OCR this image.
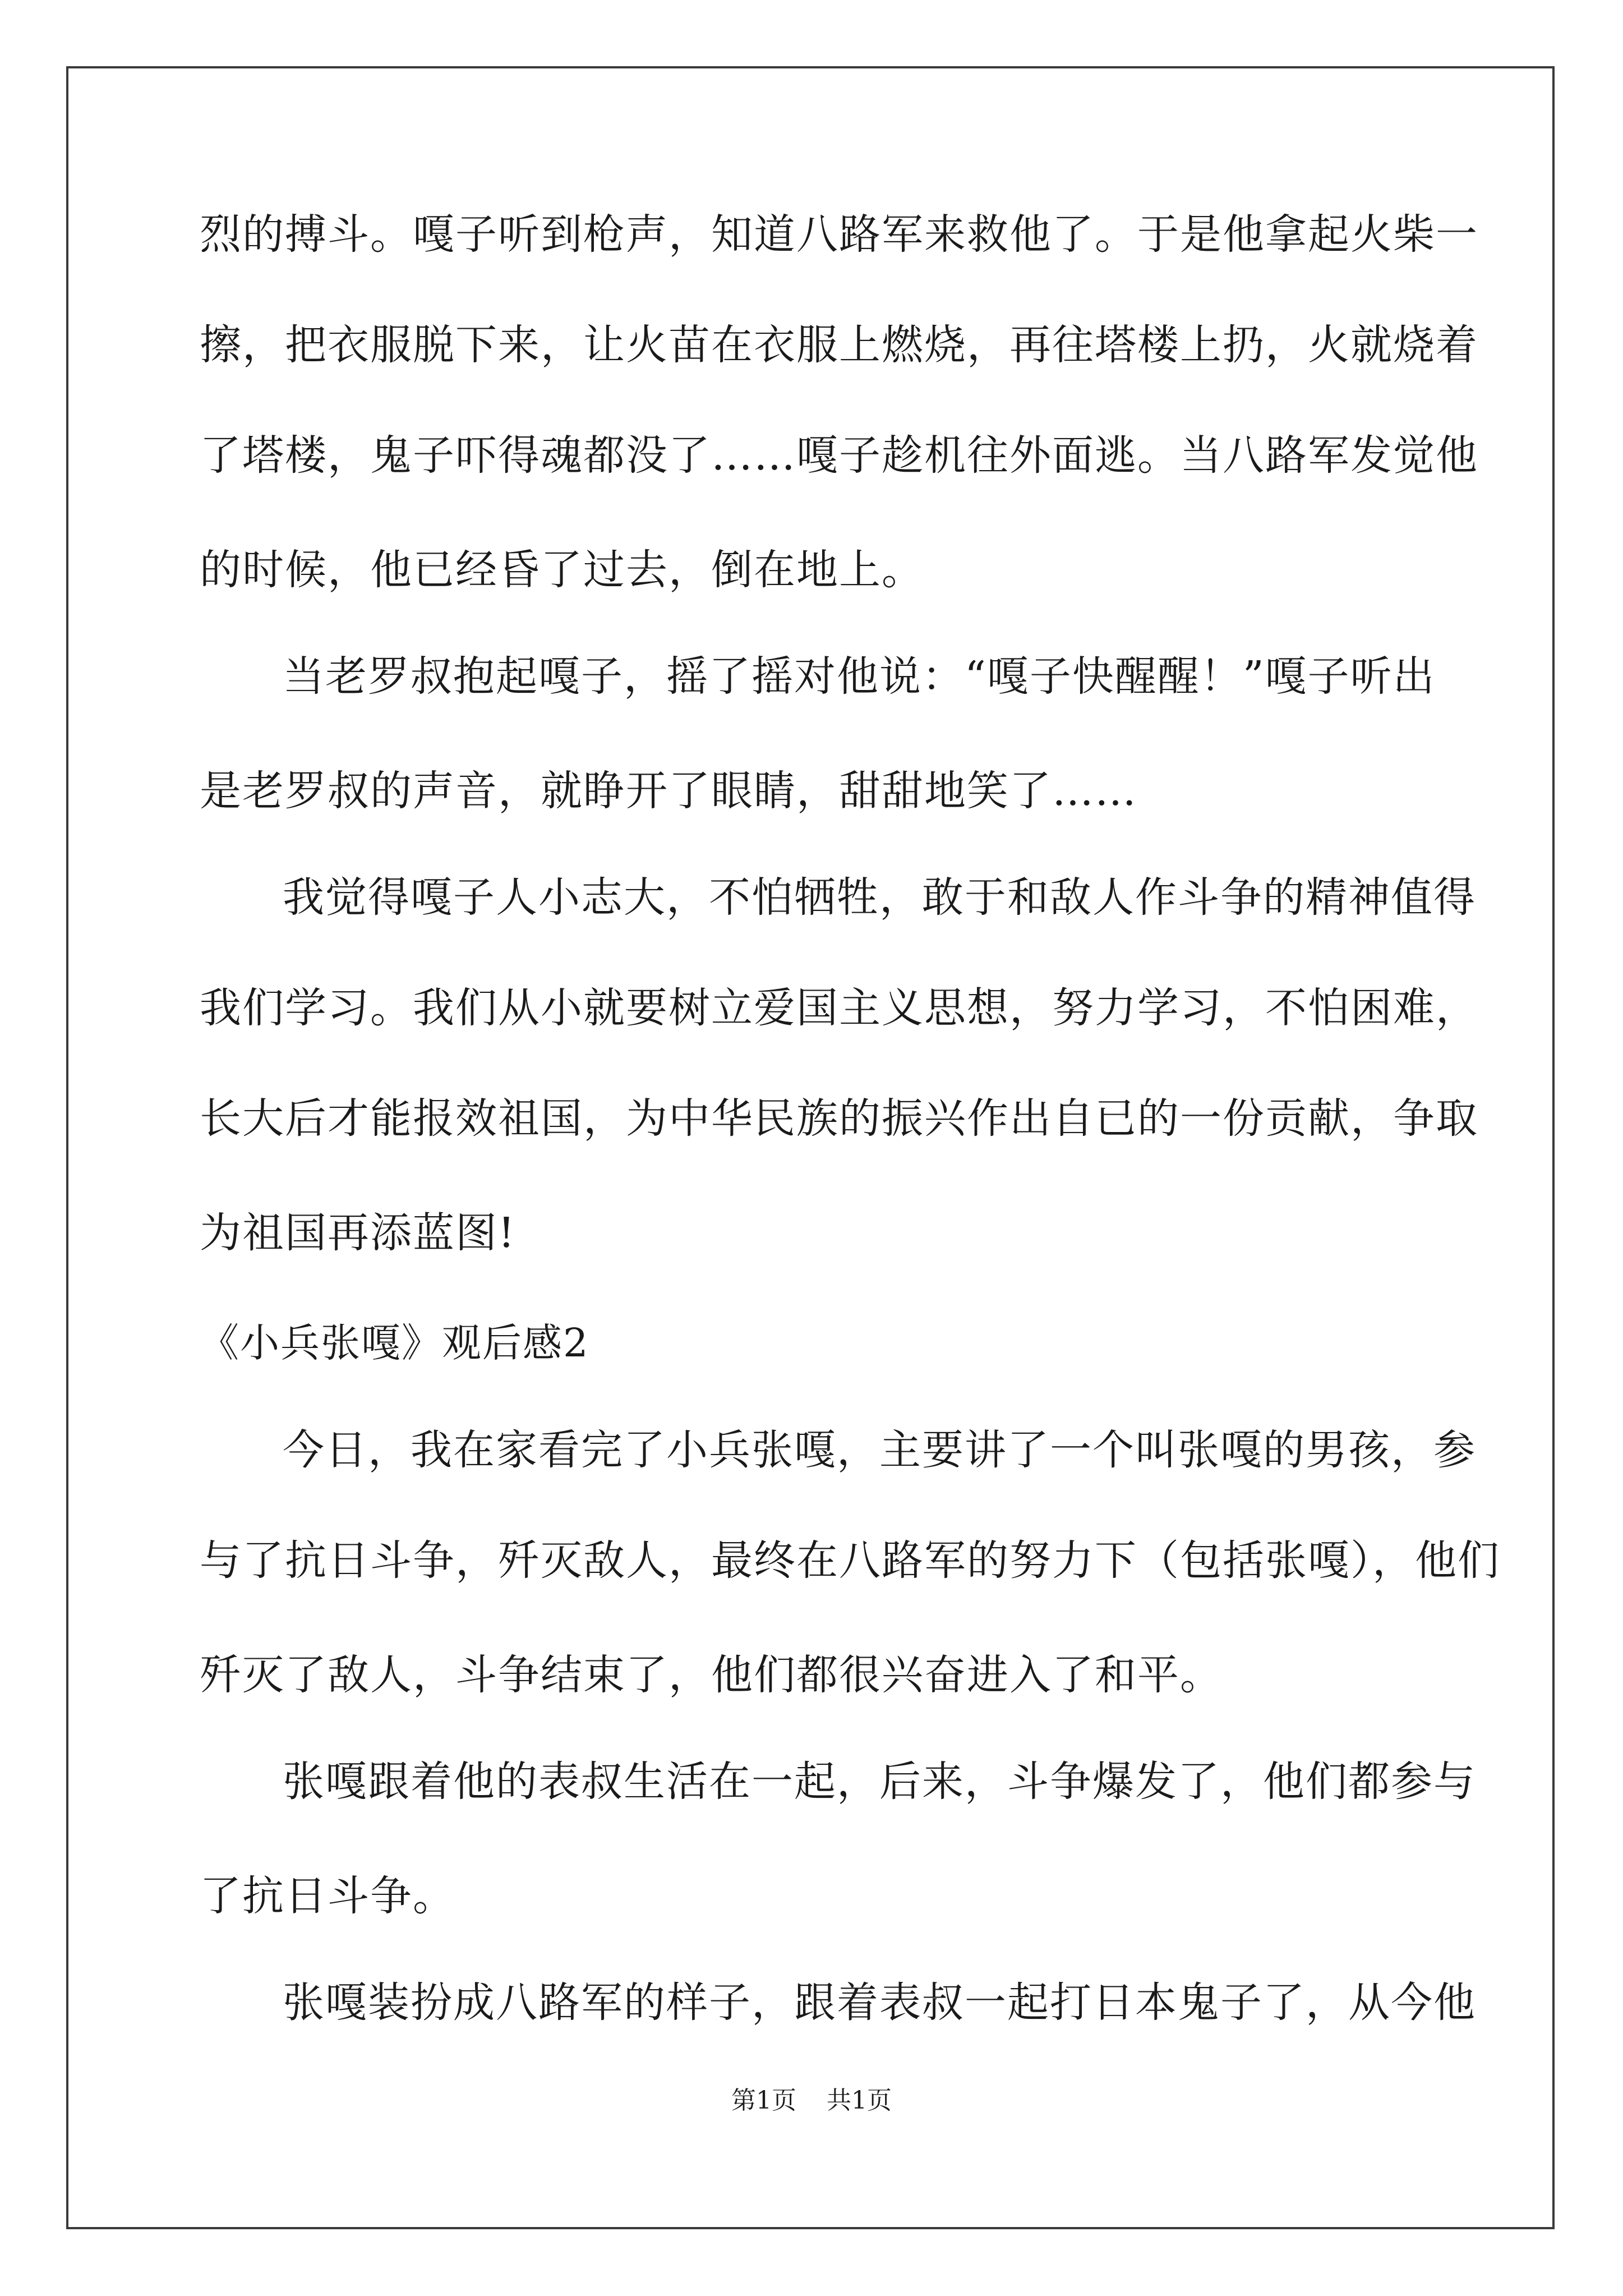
烈的搏斗。嘎子听到枪声，知道八路军来救他了。于是他拿起火柴一
擦，把衣服脱下来，让火苗在衣服上燃烧，再往塔楼上扔，火就烧着
了塔楼，鬼子吓得魂都没了……嘎子趁机往外面逃。当八路军发觉他
的时候，他已经昏了过去，倒在地上。
当老罗叔抱起嘎子，摇了摇对他说：“嘎子快醒醒！”嘎子听出
是老罗叔的声音，就睁开了眼睛，甜甜地笑了……
我觉得嘎子人小志大，不怕牺牲，敢于和敌人作斗争的精神值得
我们学习。我们从小就要树立爱国主义思想，努力学习，不怕困难，
长大后才能报效祖国，为中华民族的振兴作出自已的一份贡献，争取
为祖国再添蓝图!
《小兵张嘎》观后感2
今日，我在家看完了小兵张嘎，主要讲了一个叫张嘎的男孩，参
与了抗日斗争，歼灭敌人，最终在八路军的努力下（包括张嘎），他们
歼灭了敌人，斗争结束了，他们都很兴奋进入了和平。
张嘎跟着他的表叔生活在一起，后来，斗争爆发了，他们都参与
了抗日斗争。
张嘎装扮成八路军的样子，跟着表叔一起打日本鬼子了，从今他
第1页 共1页
